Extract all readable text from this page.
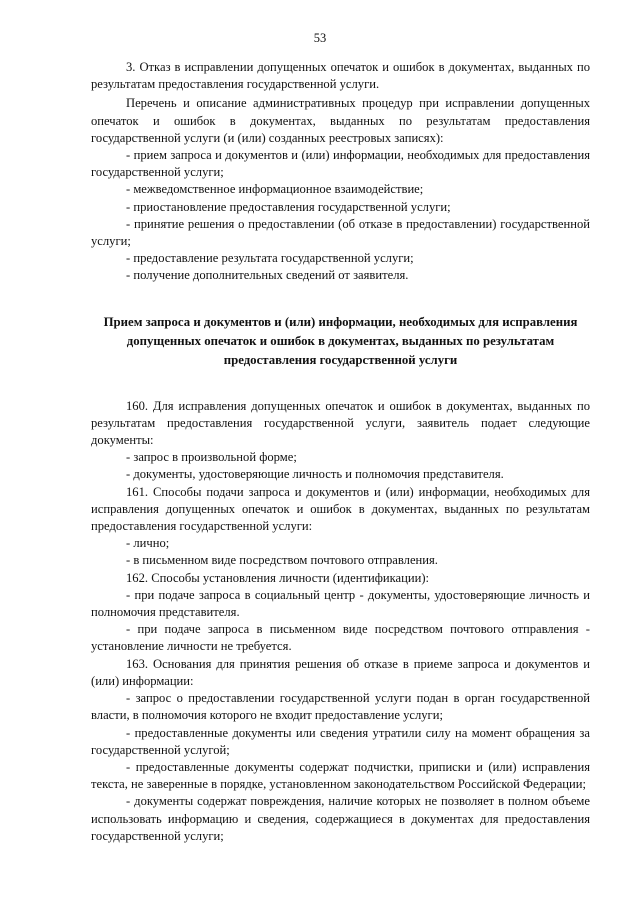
53

3. Отказ в исправлении допущенных опечаток и ошибок в документах, выданных по результатам предоставления государственной услуги.

Перечень и описание административных процедур при исправлении допущенных опечаток и ошибок в документах, выданных по результатам предоставления государственной услуги (и (или) созданных реестровых записях):

- прием запроса и документов и (или) информации, необходимых для предоставления государственной услуги;

- межведомственное информационное взаимодействие;

- приостановление предоставления государственной услуги;

- принятие решения о предоставлении (об отказе в предоставлении) государственной услуги;

- предоставление результата государственной услуги;

- получение дополнительных сведений от заявителя.

Прием запроса и документов и (или) информации, необходимых для исправления допущенных опечаток и ошибок в документах, выданных по результатам предоставления государственной услуги

160. Для исправления допущенных опечаток и ошибок в документах, выданных по результатам предоставления государственной услуги, заявитель подает следующие документы:

- запрос в произвольной форме;

- документы, удостоверяющие личность и полномочия представителя.

161. Способы подачи запроса и документов и (или) информации, необходимых для исправления допущенных опечаток и ошибок в документах, выданных по результатам предоставления государственной услуги:

- лично;

- в письменном виде посредством почтового отправления.

162. Способы установления личности (идентификации):

- при подаче запроса в социальный центр - документы, удостоверяющие личность и полномочия представителя.

- при подаче запроса в письменном виде посредством почтового отправления - установление личности не требуется.

163. Основания для принятия решения об отказе в приеме запроса и документов и (или) информации:

- запрос о предоставлении государственной услуги подан в орган государственной власти, в полномочия которого не входит предоставление услуги;

- предоставленные документы или сведения утратили силу на момент обращения за государственной услугой;

- предоставленные документы содержат подчистки, приписки и (или) исправления текста, не заверенные в порядке, установленном законодательством Российской Федерации;

- документы содержат повреждения, наличие которых не позволяет в полном объеме использовать информацию и сведения, содержащиеся в документах для предоставления государственной услуги;
